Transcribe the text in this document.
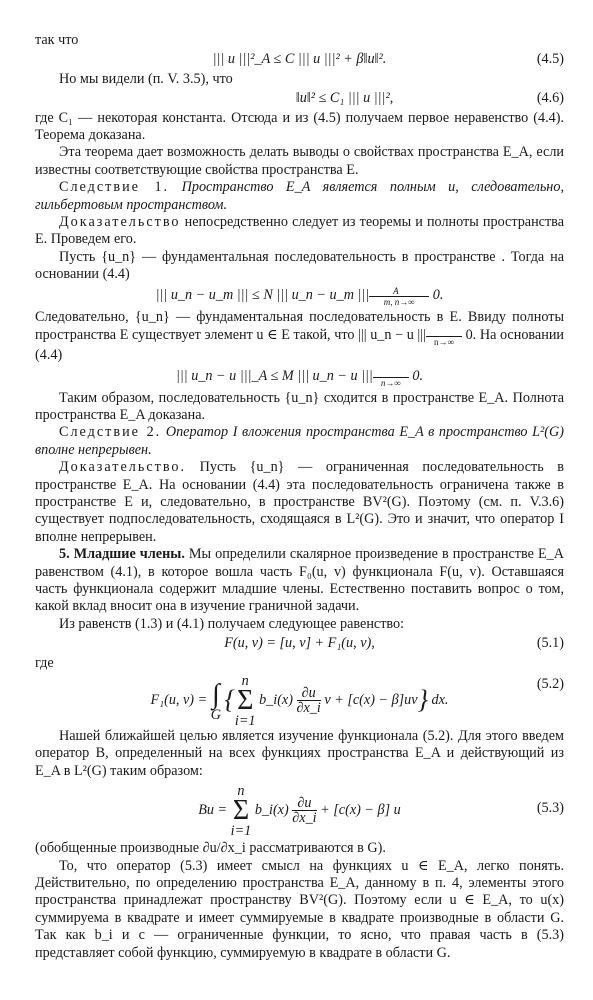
так что

||| u |||²_A ≤ C ||| u |||² + β‖u‖².	(4.5)

Но мы видели (п. V. 3.5), что

‖u‖² ≤ C₁ ||| u |||²,	(4.6)

где C₁ — некоторая константа. Отсюда и из (4.5) получаем первое неравенство (4.4). Теорема доказана.

Эта теорема дает возможность делать выводы о свойствах пространства E_A, если известны соответствующие свойства пространства E.

Следствие 1. Пространство E_A является полным и, следовательно, гильбертовым пространством.

Доказательство непосредственно следует из теоремы и полноты пространства E. Проведем его.

Пусть {u_n} — фундаментальная последовательность в пространстве . Тогда на основании (4.4)

||| u_n − u_m ||| ≤ N ||| u_n − u_m ||| $\frac{A}{m, n\to\infty} 0$.

Следовательно, {u_n} — фундаментальная последовательность в E. Ввиду полноты пространства E существует элемент u ∈ E такой, что ||| u_n − u |||
n→∞ 0. На основании (4.4)

||| u_n − u |||_A ≤ M ||| u_n − u |||
n→∞ 0.

Таким образом, последовательность {u_n} сходится в пространстве E_A. Полнота пространства E_A доказана.

Следствие 2. Оператор I вложения пространства E_A в пространство L²(G) вполне непрерывен.

Доказательство. Пусть {u_n} — ограниченная последовательность в пространстве E_A. На основании (4.4) эта последовательность ограничена также в пространстве E и, следовательно, в пространстве BV²(G). Поэтому (см. п. V.3.6) существует подпоследовательность, сходящаяся в L²(G). Это и значит, что оператор I вполне непрерывен.

5. Младшие члены. Мы определили скалярное произведение в пространстве E_A равенством (4.1), в которое вошла часть F₀(u, v) функционала F(u, v). Оставшаяся часть функционала содержит младшие члены. Естественно поставить вопрос о том, какой вклад вносит она в изучение граничной задачи.

Из равенств (1.3) и (4.1) получаем следующее равенство:

F(u, v) = [u, v] + F₁(u, v),	(5.1)

где

F₁(u, v) = ∫
G {n
Σ
i=1 b_i(x) $\frac{\partial u}{\partial x\_i}$ v + [c(x) − β]uv} dx.
(5.2)

Нашей ближайшей целью является изучение функционала (5.2). Для этого введем оператор B, определенный на всех функциях пространства E_A и действующий из E_A в L²(G) таким образом:

Bu = n
Σ
i=1 b_i(x) $\frac{\partial u}{\partial x\_i} + [c(x) - \beta]$ u	(5.3)

(обобщенные производные ∂u/∂x_i рассматриваются в G).

То, что оператор (5.3) имеет смысл на функциях u ∈ E_A, легко понять. Действительно, по определению пространства E_A, данному в п. 4, элементы этого пространства принадлежат пространству BV²(G). Поэтому если u ∈ E_A, то u(x) суммируема в квадрате и имеет суммируемые в квадрате производные в области G. Так как b_i и c — ограниченные функции, то ясно, что правая часть в (5.3) представляет собой функцию, суммируемую в квадрате в области G.
